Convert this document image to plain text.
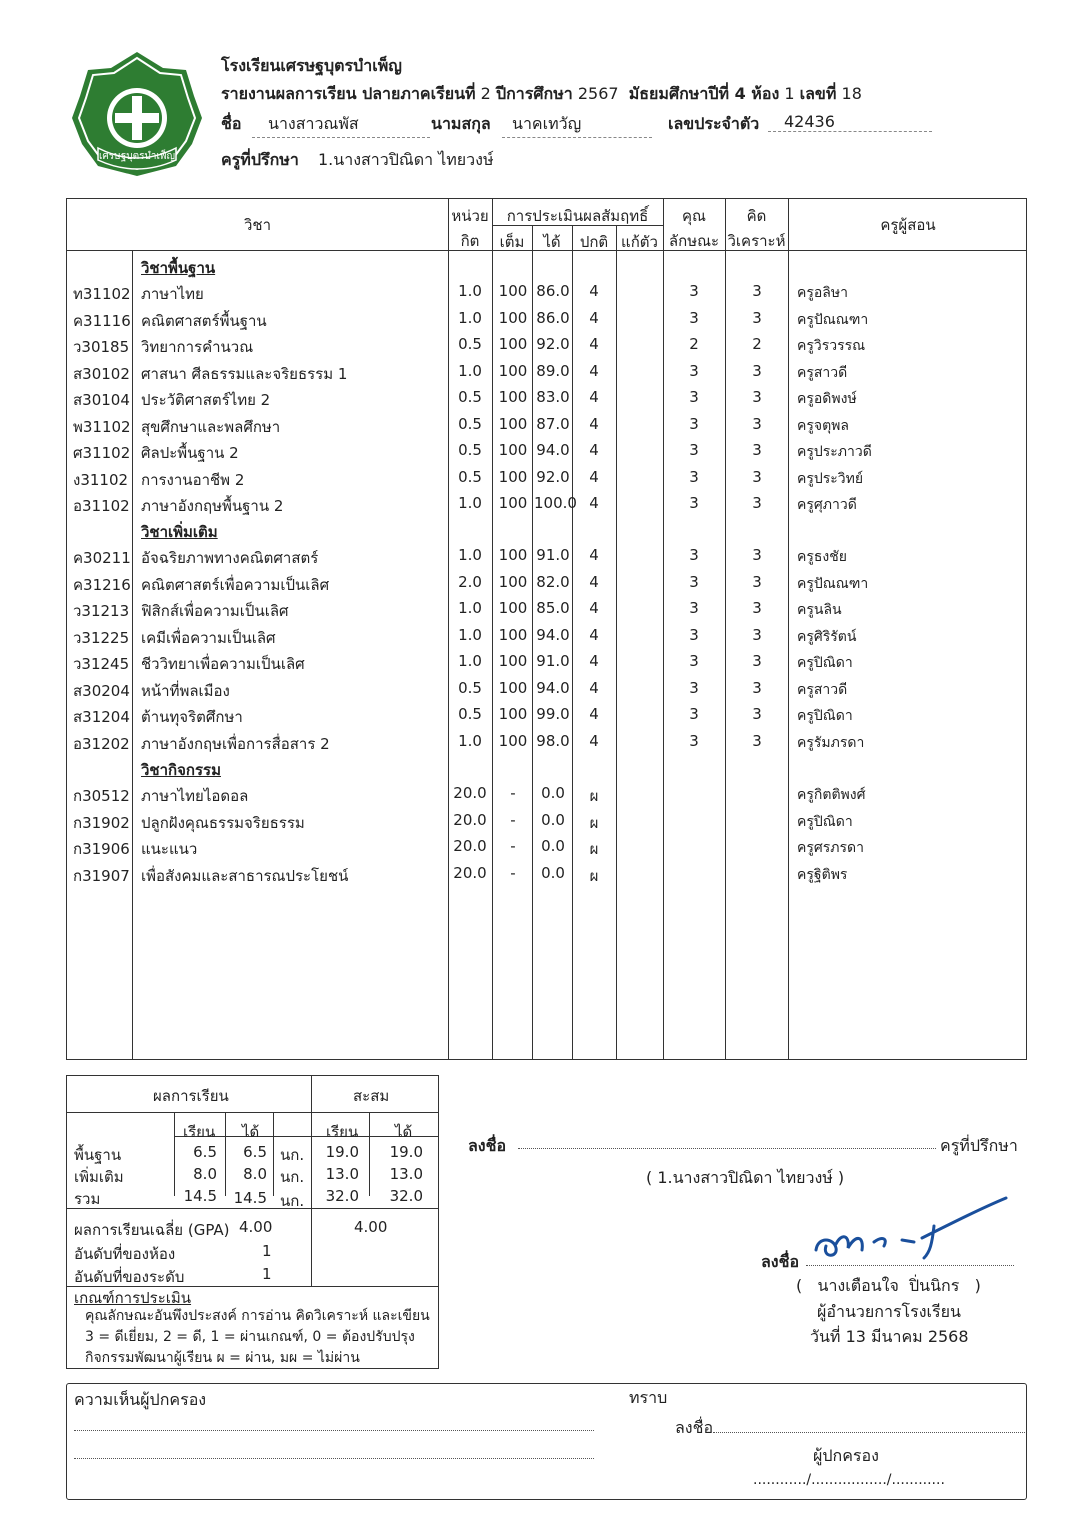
เศรษฐบุตรบำเพ็ญ
โรงเรียนเศรษฐบุตรบำเพ็ญ
รายงานผลการเรียน ปลายภาคเรียนที่ 2 ปีการศึกษา 2567 มัธยมศึกษาปีที่ 4 ห้อง 1 เลขที่ 18
ชื่อ	นางสาวณพัส	นามสกุล	นาคเทวัญ	เลขประจำตัว	42436
ครูที่ปรึกษา 1.นางสาวปิณิดา ไทยวงษ์
วิชา	หน่วย
กิต
การประเมินผลสัมฤทธิ์
เต็ม	ได้	ปกติ แก้ตัว
คุณ
ลักษณะ
คิด
วิเคราะห์
ครูผู้สอน
วิชาพื้นฐาน
ท31102 ภาษาไทย	1.0	100 86.0	4	3	3	ครูอลิษา
ค31116 คณิตศาสตร์พื้นฐาน	1.0	100 86.0	4	3	3	ครูปัณณฑา
ว30185 วิทยาการคำนวณ	0.5	100 92.0	4	2	2	ครูวิรวรรณ
ส30102 ศาสนา ศีลธรรมและจริยธรรม 1	1.0	100 89.0	4	3	3	ครูสาวดี
ส30104 ประวัติศาสตร์ไทย 2	0.5	100 83.0	4	3	3	ครูอดิพงษ์
พ31102 สุขศึกษาและพลศึกษา	0.5	100 87.0	4	3	3	ครูจตุพล
ศ31102 ศิลปะพื้นฐาน 2	0.5	100 94.0	4	3	3	ครูประภาวดี
ง31102 การงานอาชีพ 2	0.5	100 92.0	4	3	3	ครูประวิทย์
อ31102 ภาษาอังกฤษพื้นฐาน 2	1.0	100 100.0 4	3	3	ครูศุภาวดี
วิชาเพิ่มเติม
ค30211 อัจฉริยภาพทางคณิตศาสตร์	1.0	100 91.0	4	3	3	ครูธงชัย
ค31216 คณิตศาสตร์เพื่อความเป็นเลิศ	2.0	100 82.0	4	3	3	ครูปัณณฑา
ว31213 ฟิสิกส์เพื่อความเป็นเลิศ	1.0	100 85.0	4	3	3	ครูนลิน
ว31225 เคมีเพื่อความเป็นเลิศ	1.0	100 94.0	4	3	3	ครูศิริรัตน์
ว31245 ชีววิทยาเพื่อความเป็นเลิศ	1.0	100 91.0	4	3	3	ครูปิณิดา
ส30204 หน้าที่พลเมือง	0.5	100 94.0	4	3	3	ครูสาวดี
ส31204 ต้านทุจริตศึกษา	0.5	100 99.0	4	3	3	ครูปิณิดา
อ31202 ภาษาอังกฤษเพื่อการสื่อสาร 2	1.0	100 98.0	4	3	3	ครูรัมภรดา
วิชากิจกรรม
ก30512 ภาษาไทยไอดอล	20.0	-	0.0	ผ	ครูกิตติพงศ์
ก31902 ปลูกฝังคุณธรรมจริยธรรม	20.0	-	0.0	ผ	ครูปิณิดา
ก31906 แนะแนว	20.0	-	0.0	ผ	ครูศรภรดา
ก31907 เพื่อสังคมและสาธารณประโยชน์	20.0	-	0.0	ผ	ครูฐิติพร
ผลการเรียน	สะสม
เรียน ได้	เรียน ได้
พื้นฐาน	6.5	6.5 นก.	19.0	19.0
เพิ่มเติม	8.0	8.0 นก.	13.0	13.0
รวม	14.5	14.5 นก.	32.0	32.0
ผลการเรียนเฉลี่ย (GPA) 4.00	4.00
อันดับที่ของห้อง	1
อันดับที่ของระดับ	1
เกณฑ์การประเมิน
คุณลักษณะอันพึงประสงค์ การอ่าน คิดวิเคราะห์ และเขียน
3 = ดีเยี่ยม, 2 = ดี, 1 = ผ่านเกณฑ์, 0 = ต้องปรับปรุง
กิจกรรมพัฒนาผู้เรียน ผ = ผ่าน, มผ = ไม่ผ่าน
ลงชื่อ	ครูที่ปรึกษา
( 1.นางสาวปิณิดา ไทยวงษ์ )
ลงชื่อ
(   นางเตือนใจ  ปิ่นนิกร   )
ผู้อำนวยการโรงเรียน
วันที่ 13 มีนาคม 2568
ความเห็นผู้ปกครอง	ทราบ
ลงชื่อ
ผู้ปกครอง
............/................./............
